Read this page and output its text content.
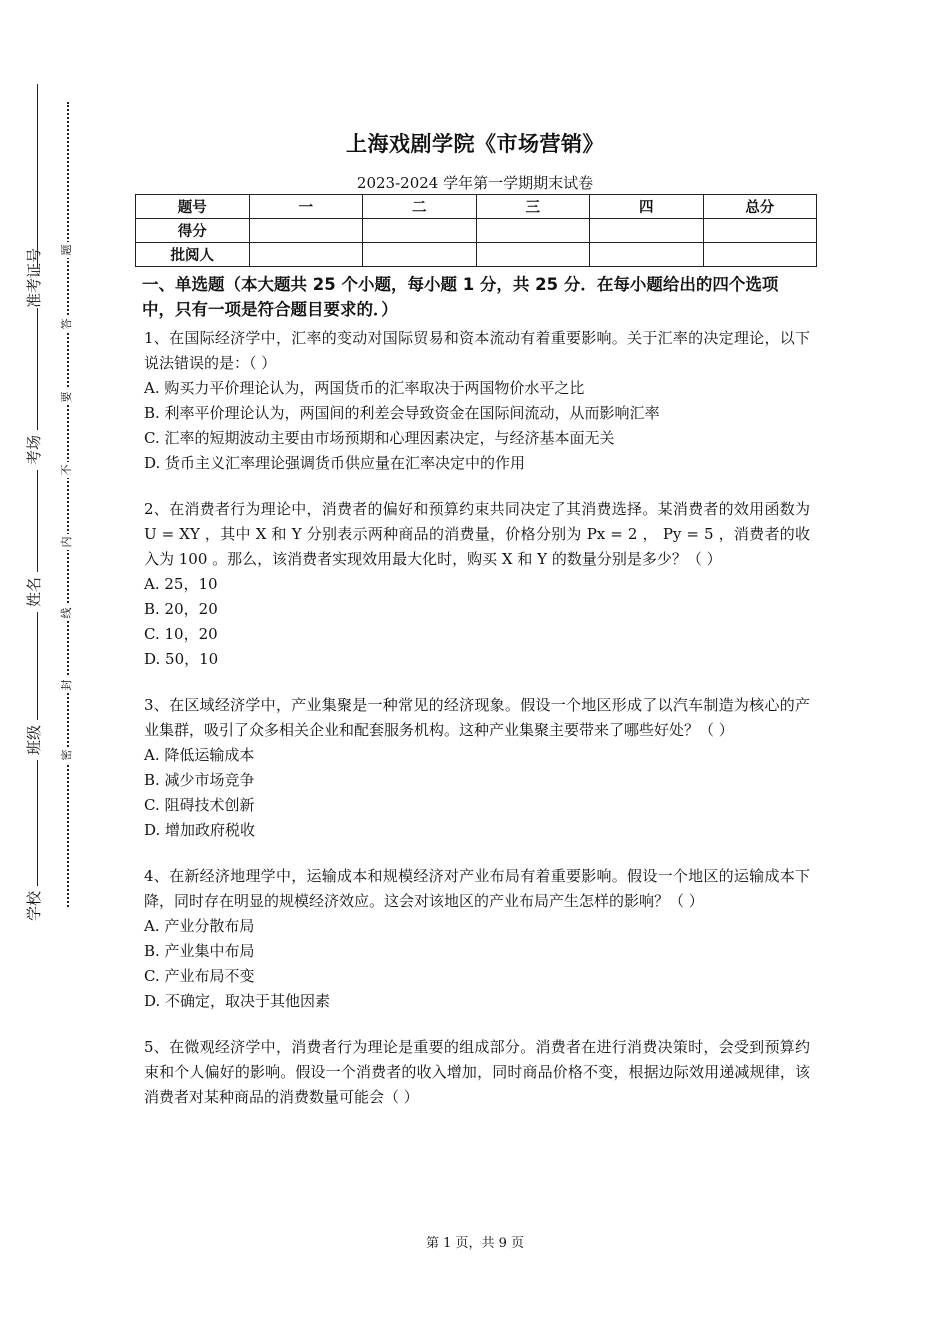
准考证号
考场
姓名
班级
学校
题
答
要
不
内
线
封
密
上海戏剧学院《市场营销》
2023-2024 学年第一学期期末试卷
题号	一	二	三	四	总分
得分					
批阅人					

一、单选题（本大题共 25 个小题，每小题 1 分，共 25 分．在每小题给出的四个选项中，只有一项是符合题目要求的．）

1、在国际经济学中，汇率的变动对国际贸易和资本流动有着重要影响。关于汇率的决定理论，以下说法错误的是：（ ）

A. 购买力平价理论认为，两国货币的汇率取决于两国物价水平之比

B. 利率平价理论认为，两国间的利差会导致资金在国际间流动，从而影响汇率

C. 汇率的短期波动主要由市场预期和心理因素决定，与经济基本面无关

D. 货币主义汇率理论强调货币供应量在汇率决定中的作用

2、在消费者行为理论中，消费者的偏好和预算约束共同决定了其消费选择。某消费者的效用函数为 U = XY ，其中 X 和 Y 分别表示两种商品的消费量，价格分别为 Px = 2 ， Py = 5 ，消费者的收入为 100 。那么，该消费者实现效用最大化时，购买 X 和 Y 的数量分别是多少？（ ）

A. 25，10

B. 20，20

C. 10，20

D. 50，10

3、在区域经济学中，产业集聚是一种常见的经济现象。假设一个地区形成了以汽车制造为核心的产业集群，吸引了众多相关企业和配套服务机构。这种产业集聚主要带来了哪些好处？（ ）

A. 降低运输成本

B. 减少市场竞争

C. 阻碍技术创新

D. 增加政府税收

4、在新经济地理学中，运输成本和规模经济对产业布局有着重要影响。假设一个地区的运输成本下降，同时存在明显的规模经济效应。这会对该地区的产业布局产生怎样的影响？（ ）

A. 产业分散布局

B. 产业集中布局

C. 产业布局不变

D. 不确定，取决于其他因素

5、在微观经济学中，消费者行为理论是重要的组成部分。消费者在进行消费决策时，会受到预算约束和个人偏好的影响。假设一个消费者的收入增加，同时商品价格不变，根据边际效用递减规律，该消费者对某种商品的消费数量可能会（ ）

第 1 页，共 9 页
